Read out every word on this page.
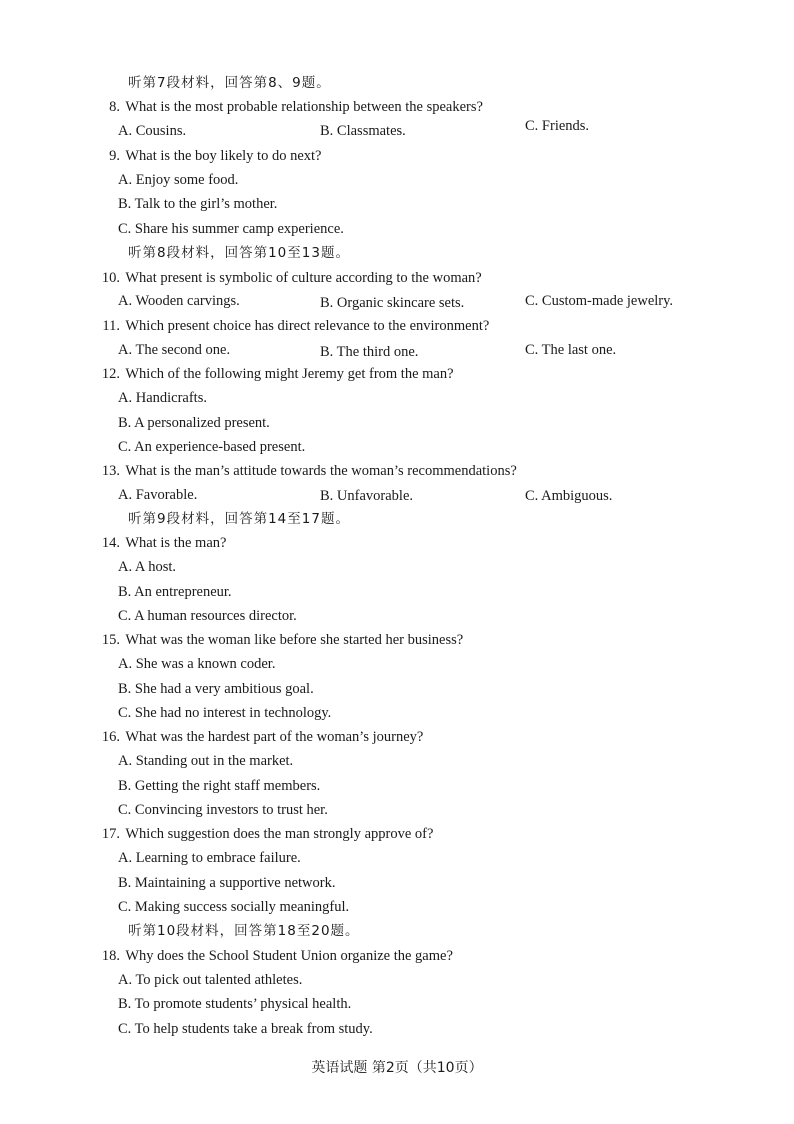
听第7段材料，回答第8、9题。
8. What is the most probable relationship between the speakers?
A. Cousins.	B. Classmates.	C. Friends.
9. What is the boy likely to do next?
A. Enjoy some food.
B. Talk to the girl’s mother.
C. Share his summer camp experience.
听第8段材料，回答第10至13题。
10. What present is symbolic of culture according to the woman?
A. Wooden carvings.	B. Organic skincare sets.	C. Custom-made jewelry.
11. Which present choice has direct relevance to the environment?
A. The second one.	B. The third one.	C. The last one.
12. Which of the following might Jeremy get from the man?
A. Handicrafts.
B. A personalized present.
C. An experience-based present.
13. What is the man’s attitude towards the woman’s recommendations?
A. Favorable.	B. Unfavorable.	C. Ambiguous.
听第9段材料，回答第14至17题。
14. What is the man?
A. A host.
B. An entrepreneur.
C. A human resources director.
15. What was the woman like before she started her business?
A. She was a known coder.
B. She had a very ambitious goal.
C. She had no interest in technology.
16. What was the hardest part of the woman’s journey?
A. Standing out in the market.
B. Getting the right staff members.
C. Convincing investors to trust her.
17. Which suggestion does the man strongly approve of?
A. Learning to embrace failure.
B. Maintaining a supportive network.
C. Making success socially meaningful.
听第10段材料，回答第18至20题。
18. Why does the School Student Union organize the game?
A. To pick out talented athletes.
B. To promote students’ physical health.
C. To help students take a break from study.
英语试题 第2页（共10页）
